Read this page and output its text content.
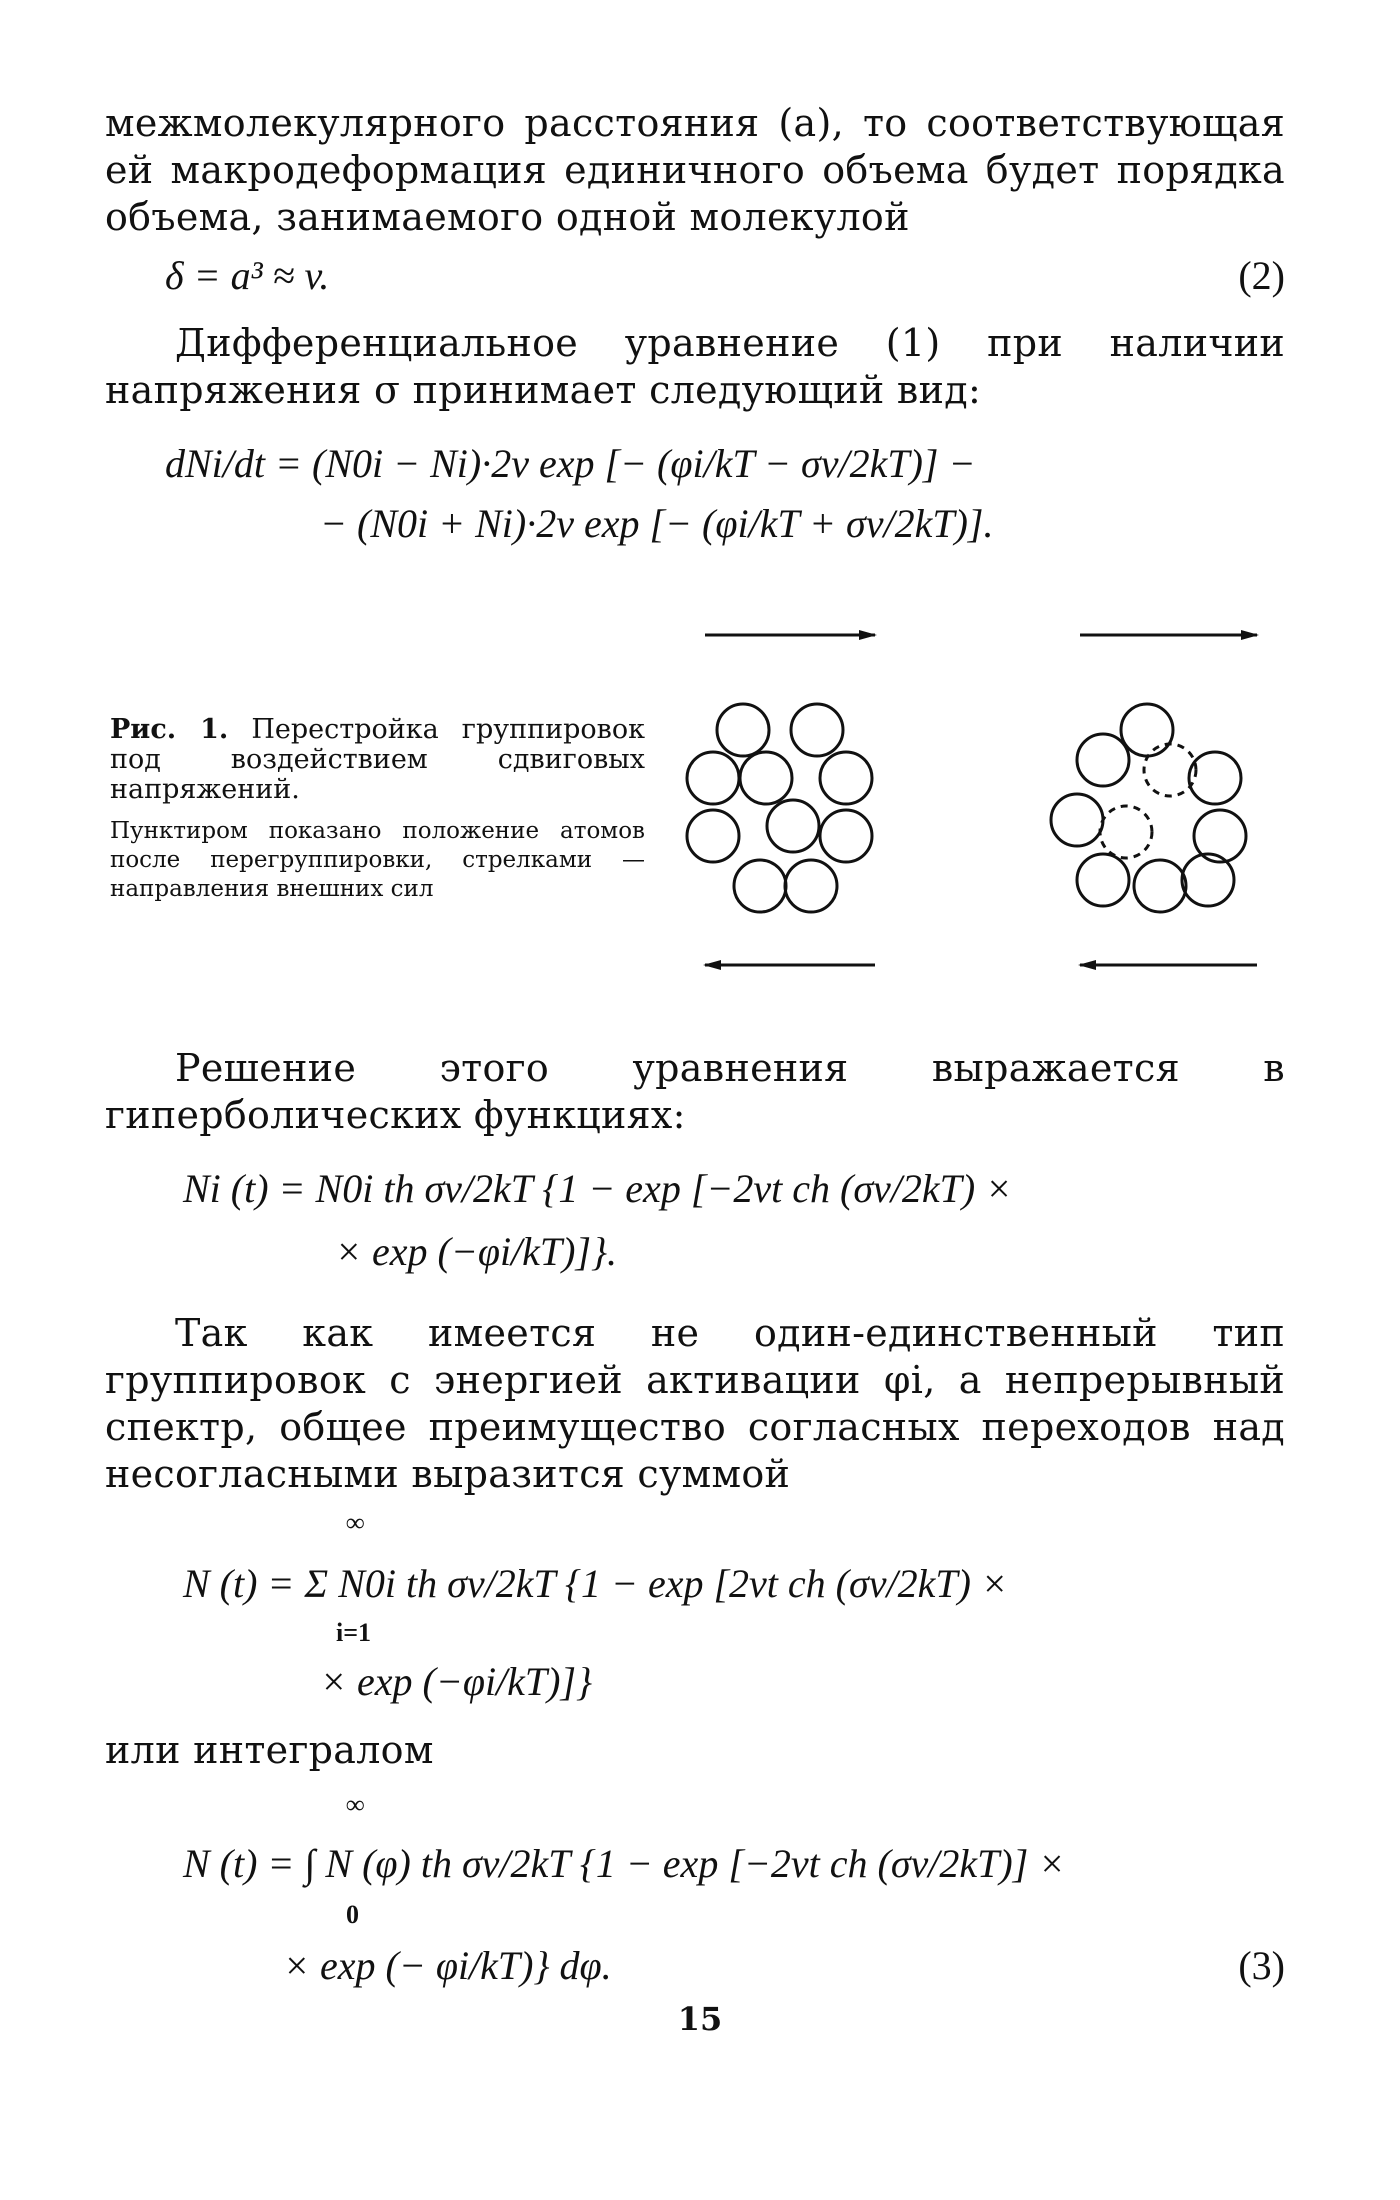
межмолекулярного расстояния (a), то соответствующая ей макродеформация единичного объема будет порядка объема, занимаемого одной молекулой
δ = a³ ≈ v.	(2)
Дифференциальное уравнение (1) при наличии напряжения σ принимает следующий вид:
dNi/dt = (N0i − Ni)·2ν exp [− (φi/kT − σv/2kT)] −
− (N0i + Ni)·2ν exp [− (φi/kT + σv/2kT)].
Рис. 1. Перестройка группировок под воздействием сдвиговых напряжений.
Пунктиром показано положение атомов после перегруппировки, стрелками — направления внешних сил
Решение этого уравнения выражается в гиперболических функциях:
Ni (t) = N0i th σv/2kT {1 − exp [−2νt ch (σv/2kT) ×
× exp (−φi/kT)]}.
Так как имеется не один-единственный тип группировок с энергией активации φi, а непрерывный спектр, общее преимущество согласных переходов над несогласными выразится суммой
∞
N (t) = Σ N0i th σv/2kT {1 − exp [2νt ch (σv/2kT) ×
i=1
× exp (−φi/kT)]}
или интегралом
∞
N (t) = ∫ N (φ) th σv/2kT {1 − exp [−2νt ch (σv/2kT)] ×
0
× exp (− φi/kT)} dφ.	(3)
15
